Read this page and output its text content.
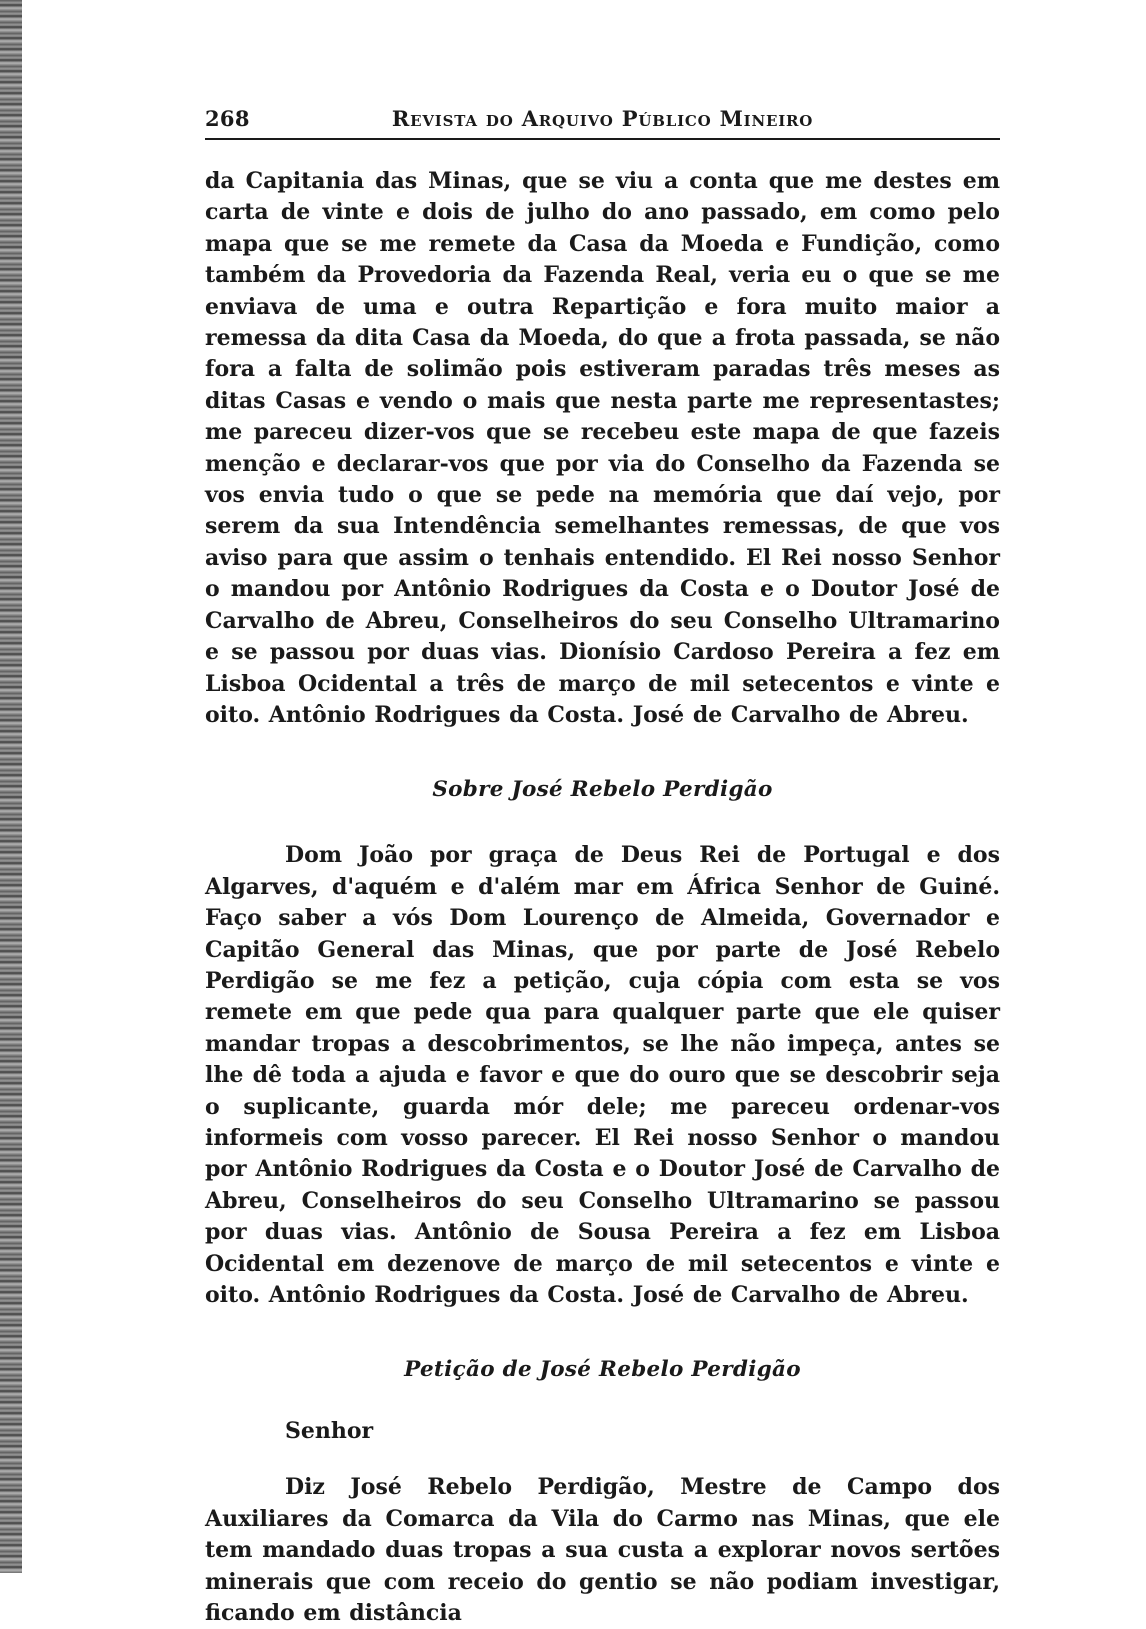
268	Revista do Arquivo Público Mineiro

da Capitania das Minas, que se viu a conta que me destes em carta de vinte e dois de julho do ano passado, em como pelo mapa que se me remete da Casa da Moeda e Fundição, como também da Provedoria da Fazenda Real, veria eu o que se me enviava de uma e outra Repartição e fora muito maior a remessa da dita Casa da Moeda, do que a frota passada, se não fora a falta de solimão pois estiveram paradas três meses as ditas Casas e vendo o mais que nesta parte me representastes; me pareceu dizer-vos que se recebeu este mapa de que fazeis menção e declarar-vos que por via do Conselho da Fazenda se vos envia tudo o que se pede na memória que daí vejo, por serem da sua Intendência semelhantes remessas, de que vos aviso para que assim o tenhais entendido. El Rei nosso Senhor o mandou por Antônio Rodrigues da Costa e o Doutor José de Carvalho de Abreu, Conselheiros do seu Conselho Ultramarino e se passou por duas vias. Dionísio Cardoso Pereira a fez em Lisboa Ocidental a três de março de mil setecentos e vinte e oito. Antônio Rodrigues da Costa. José de Carvalho de Abreu.

Sobre José Rebelo Perdigão

Dom João por graça de Deus Rei de Portugal e dos Algarves, d'aquém e d'além mar em África Senhor de Guiné. Faço saber a vós Dom Lourenço de Almeida, Governador e Capitão General das Minas, que por parte de José Rebelo Perdigão se me fez a petição, cuja cópia com esta se vos remete em que pede qua para qualquer parte que ele quiser mandar tropas a descobrimentos, se lhe não impeça, antes se lhe dê toda a ajuda e favor e que do ouro que se descobrir seja o suplicante, guarda mór dele; me pareceu ordenar-vos informeis com vosso parecer. El Rei nosso Senhor o mandou por Antônio Rodrigues da Costa e o Doutor José de Carvalho de Abreu, Conselheiros do seu Conselho Ultramarino se passou por duas vias. Antônio de Sousa Pereira a fez em Lisboa Ocidental em dezenove de março de mil setecentos e vinte e oito. Antônio Rodrigues da Costa. José de Carvalho de Abreu.

Petição de José Rebelo Perdigão

Senhor

Diz José Rebelo Perdigão, Mestre de Campo dos Auxiliares da Comarca da Vila do Carmo nas Minas, que ele tem mandado duas tropas a sua custa a explorar novos sertões minerais que com receio do gentio se não podiam investigar, ficando em distância
